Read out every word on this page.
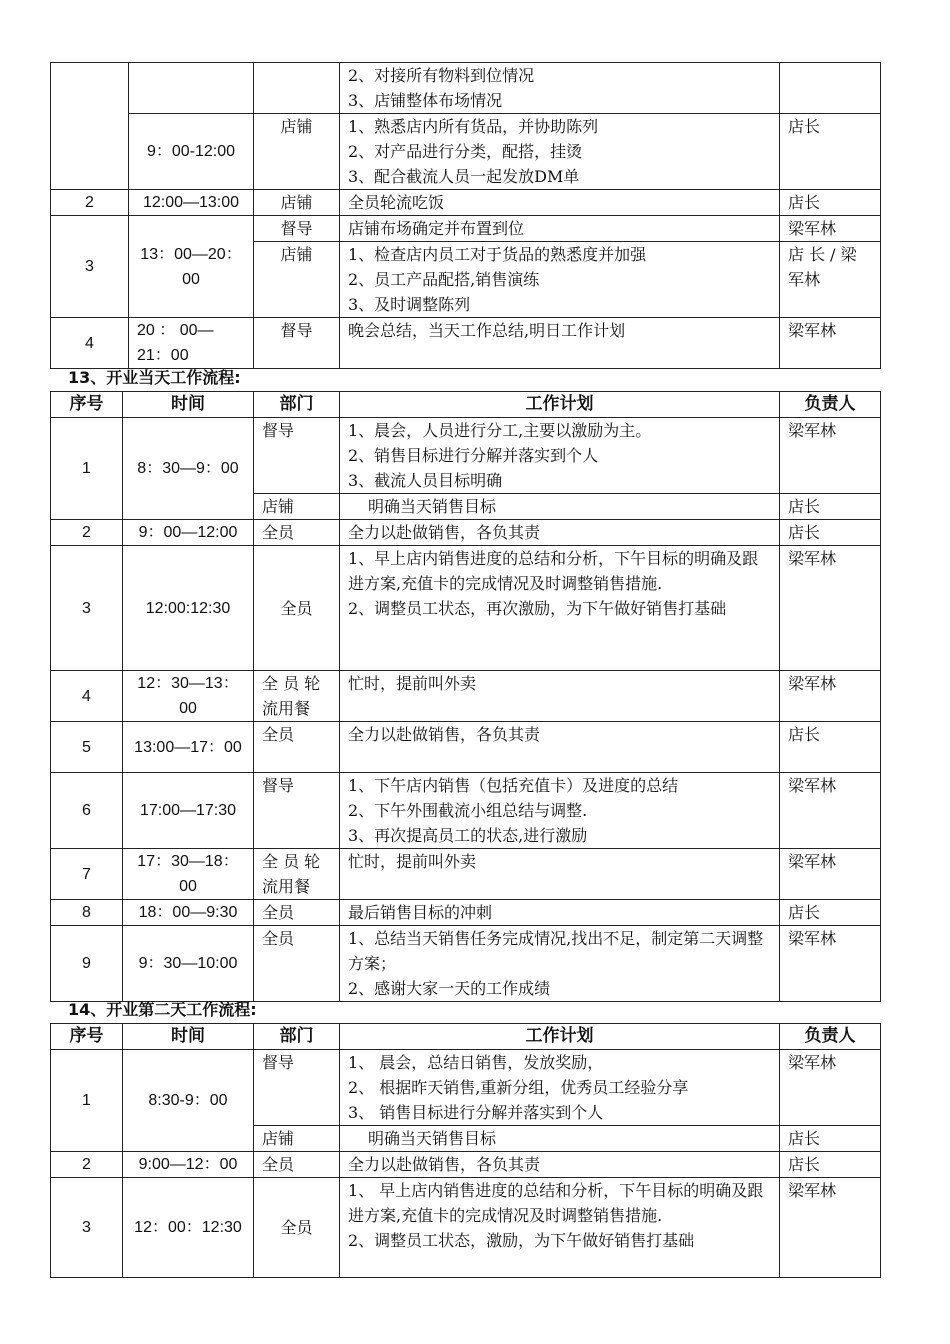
			2、对接所有物料到位情况
3、店铺整体布场情况	

	9：00-12:00	店铺	1、熟悉店内所有货品，并协助陈列
2、对产品进行分类，配搭，挂烫
3、配合截流人员一起发放DM单	店长
2	12:00—13:00	店铺	全员轮流吃饭	店长
3	13：00—20：00	督导	店铺布场确定并布置到位	梁军林
		店铺	1、检查店内员工对于货品的熟悉度并加强
2、员工产品配搭,销售演练
3、及时调整陈列	店 长 / 梁军林
4	20 ： 00—21：00	督导	晚会总结，当天工作总结,明日工作计划	梁军林
13、开业当天工作流程:
序号	时间	部门	工作计划	负责人
1	8：30—9：00	督导	1、晨会，人员进行分工,主要以激励为主。
2、销售目标进行分解并落实到个人
3、截流人员目标明确	梁军林
		店铺	明确当天销售目标	店长
2	9：00—12:00	全员	全力以赴做销售，各负其责	店长
3	12:00:12:30	全员	1、早上店内销售进度的总结和分析，下午目标的明确及跟进方案,充值卡的完成情况及时调整销售措施.
2、调整员工状态，再次激励，为下午做好销售打基础	梁军林
4	12：30—13：00	全 员 轮 流用餐	忙时，提前叫外卖	梁军林
5	13:00—17：00	全员	全力以赴做销售，各负其责	店长
6	17:00—17:30	督导	1、下午店内销售（包括充值卡）及进度的总结
2、下午外围截流小组总结与调整.
3、再次提高员工的状态,进行激励	梁军林
7	17：30—18：00	全 员 轮 流用餐	忙时，提前叫外卖	梁军林
8	18：00—9:30	全员	最后销售目标的冲刺	店长
9	9：30—10:00	全员	1、总结当天销售任务完成情况,找出不足，制定第二天调整方案；
2、感谢大家一天的工作成绩	梁军林
14、开业第二天工作流程:
序号	时间	部门	工作计划	负责人
1	8:30-9：00	督导	1、 晨会，总结日销售，发放奖励，
2、 根据昨天销售,重新分组，优秀员工经验分享
3、 销售目标进行分解并落实到个人	梁军林
		店铺	明确当天销售目标	店长
2	9:00—12：00	全员	全力以赴做销售，各负其责	店长
3	12：00：12:30	全员	1、 早上店内销售进度的总结和分析，下午目标的明确及跟进方案,充值卡的完成情况及时调整销售措施.
2、调整员工状态，激励，为下午做好销售打基础	梁军林
